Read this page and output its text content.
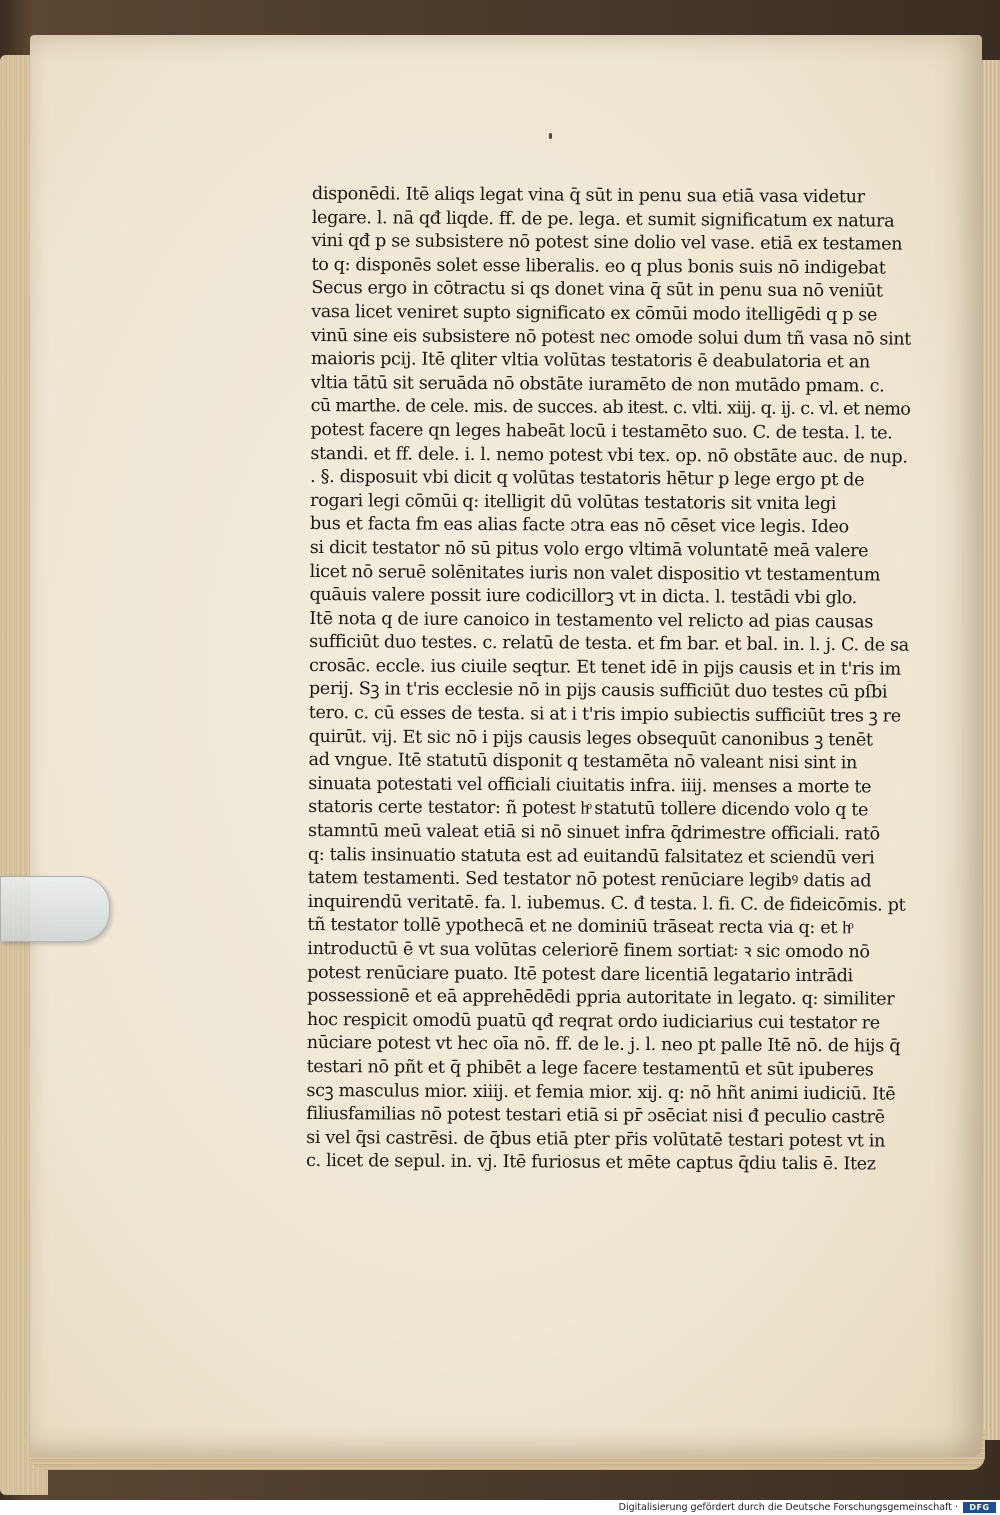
disponēdi. Itē aliqs legat vina q̄ sūt in penu sua etiā vasa videtur
legare. l. nā qđ liqde. ff. de pe. lega. et sumit significatum ex natura
vini qđ p se subsistere nō potest sine dolio vel vase. etiā ex testamen
to q: disponēs solet esse liberalis. eo q plus bonis suis nō indigebat
Secus ergo in cōtractu si qs donet vina q̄ sūt in penu sua nō veniūt
vasa licet veniret supto significato ex cōmūi modo itelligēdi q p se
vinū sine eis subsistere nō potest nec omode solui dum tñ vasa nō sint
maioris pcij. Itē qliter vltia volūtas testatoris ē deabulatoria et an
vltia tātū sit seruāda nō obstāte iuramēto de non mutādo pmam. c.
cū marthe. de cele. mis. de succes. ab itest. c. vlti. xiij. q. ij. c. vl. et nemo
potest facere qn leges habeāt locū i testamēto suo. C. de testa. l. te.
standi. et ff. dele. i. l. nemo potest vbi tex. op. nō obstāte auc. de nup.
. §. disposuit vbi dicit q volūtas testatoris hētur p lege ergo pt de
rogari legi cōmūi q: itelligit dū volūtas testatoris sit vnita legi
bus et facta fm eas alias facte ɔtra eas nō cēset vice legis. Ideo
si dicit testator nō sū pitus volo ergo vltimā voluntatē meā valere
licet nō seruē solēnitates iuris non valet dispositio vt testamentum
quāuis valere possit iure codicillorꝫ vt in dicta. l. testādi vbi glo.
Itē nota q de iure canoico in testamento vel relicto ad pias causas
sufficiūt duo testes. c. relatū de testa. et fm bar. et bal. in. l. j. C. de sa
crosāc. eccle. ius ciuile seqtur. Et tenet idē in pijs causis et in t'ris im
perij. Sꝫ in t'ris ecclesie nō in pijs causis sufficiūt duo testes cū pſ̄bi
tero. c. cū esses de testa. si at i t'ris impio subiectis sufficiūt tres ꝫ re
quirūt. vij. Et sic nō i pijs causis leges obsequūt canonibus ꝫ tenēt
ad vngue. Itē statutū disponit q testamēta nō valeant nisi sint in
sinuata potestati vel officiali ciuitatis infra. iiij. menses a morte te
statoris certe testator: ñ potest hͦ statutū tollere dicendo volo q te
stamntū meū valeat etiā si nō sinuet infra q̄drimestre officiali. ratō
q: talis insinuatio statuta est ad euitandū falsitatez et sciendū veri
tatem testamenti. Sed testator nō potest renūciare legibꝰ datis ad
inquirendū veritatē. fa. l. iubemus. C. đ testa. l. fi. C. de fideicōmis. pt
tñ testator tollē ypothecā et ne dominiū trāseat recta via q: et hͦ
introductū ē vt sua volūtas celeriorē finem sortiat꞉ ꝛ sic omodo nō
potest renūciare puato. Itē potest dare licentiā legatario intrādi
possessionē et eā apprehēdēdi ppria autoritate in legato. q: similiter
hoc respicit omodū puatū qđ reqrat ordo iudiciarius cui testator re
nūciare potest vt hec oīa nō. ff. de le. j. l. neo pt palle Itē nō. de hijs q̄
testari nō pñt et q̄ phibēt a lege facere testamentū et sūt ipuberes
scꝫ masculus mior. xiiij. et femia mior. xij. q: nō hñt animi iudiciū. Itē
filiusfamilias nō potest testari etiā si pr̄ ɔsēciat nisi đ peculio castrē
si vel q̄si castrēsi. de q̄bus etiā pter pr̄is volūtatē testari potest vt in
c. licet de sepul. in. vj. Itē furiosus et mēte captus q̄diu talis ē. Itez
Digitalisierung gefördert durch die Deutsche Forschungsgemeinschaft ·	DFG
